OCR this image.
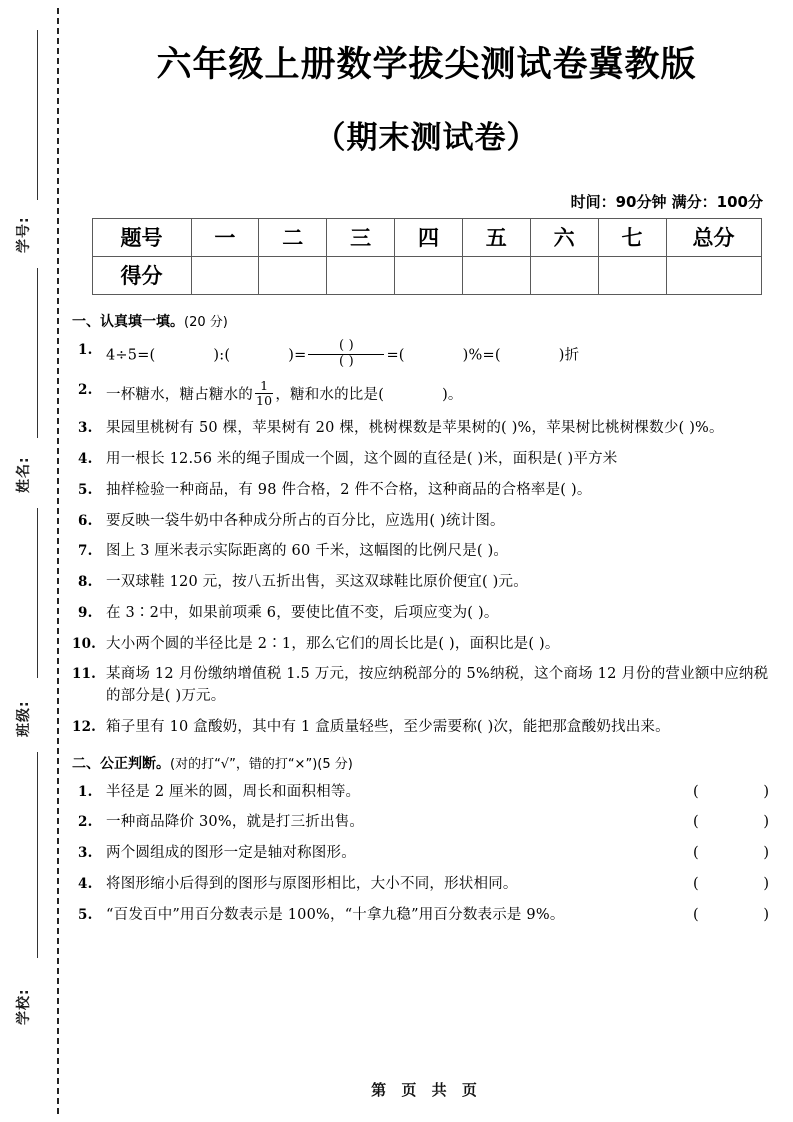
学号:
姓名:
班级:
学校:
六年级上册数学拔尖测试卷冀教版
（期末测试卷）
时间：90分钟 满分：100分
题号	一	二	三	四	五	六	七	总分
得分								
一、认真填一填。(20 分)
1. 4÷5=(	):(	)= $\frac{( )}{( )}$ =(	)%=(	)折
2. 一杯糖水，糖占糖水的 $\frac{1}{10}$ ，糖和水的比是(	)。
3. 果园里桃树有 50 棵，苹果树有 20 棵，桃树棵数是苹果树的( )%，苹果树比桃树棵数少( )%。
4. 用一根长 12.56 米的绳子围成一个圆，这个圆的直径是( )米，面积是( )平方米
5. 抽样检验一种商品，有 98 件合格，2 件不合格，这种商品的合格率是( )。
6. 要反映一袋牛奶中各种成分所占的百分比，应选用( )统计图。
7. 图上 3 厘米表示实际距离的 60 千米，这幅图的比例尺是( )。
8. 一双球鞋 120 元，按八五折出售，买这双球鞋比原价便宜( )元。
9. 在 3∶2中，如果前项乘 6，要使比值不变，后项应变为( )。
10. 大小两个圆的半径比是 2∶1，那么它们的周长比是( )，面积比是( )。
11. 某商场 12 月份缴纳增值税 1.5 万元，按应纳税部分的 5%纳税，这个商场 12 月份的营业额中应纳税的部分是( )万元。
12. 箱子里有 10 盒酸奶，其中有 1 盒质量轻些，至少需要称( )次，能把那盒酸奶找出来。
二、公正判断。(对的打“√”，错的打“×”)(5 分)
1. 半径是 2 厘米的圆，周长和面积相等。	(	)
2. 一种商品降价 30%，就是打三折出售。	(	)
3. 两个圆组成的图形一定是轴对称图形。	(	)
4. 将图形缩小后得到的图形与原图形相比，大小不同，形状相同。	(	)
5. “百发百中”用百分数表示是 100%，“十拿九稳”用百分数表示是 9%。	(	)
第 页 共 页
